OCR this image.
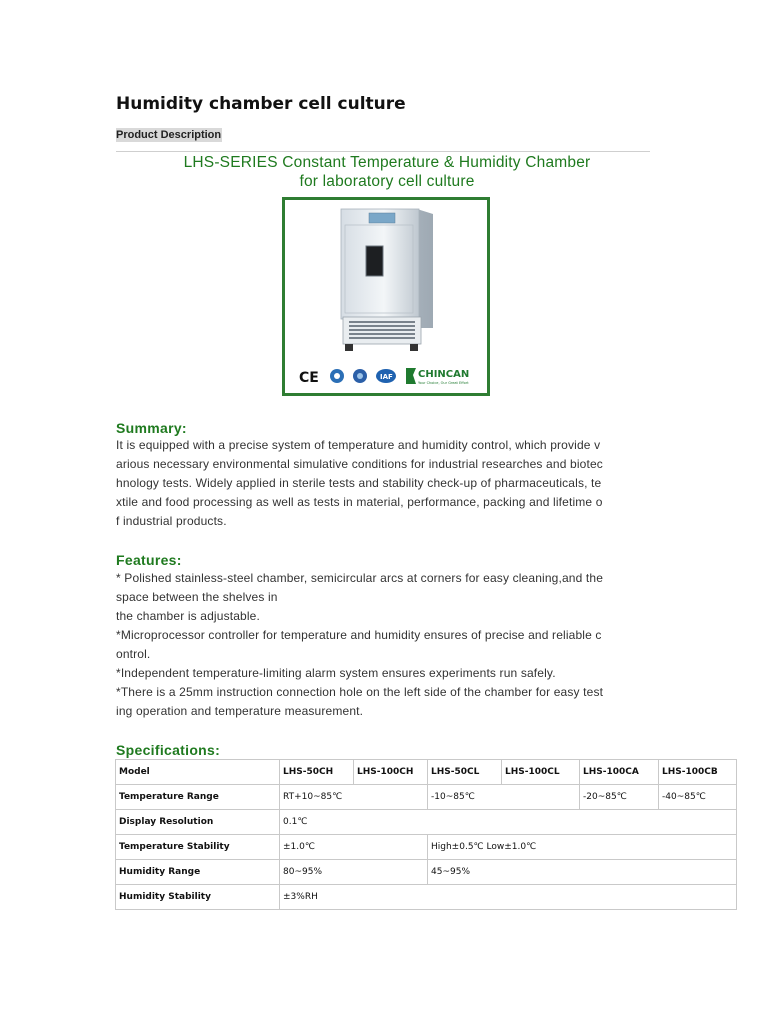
Humidity chamber cell culture
Product Description
LHS-SERIES Constant Temperature & Humidity Chamber
for laboratory cell culture
CE	IAF	CHINCAN
Your Choice, Our Great Effort
Summary:
It is equipped with a precise system of temperature and humidity control, which provide v
arious necessary environmental simulative conditions for industrial researches and biotec
hnology tests. Widely applied in sterile tests and stability check-up of pharmaceuticals, te
xtile and food processing as well as tests in material, performance, packing and lifetime o
f industrial products.
Features:
* Polished stainless-steel chamber, semicircular arcs at corners for easy cleaning,and the
space between the shelves in
the chamber is adjustable.
*Microprocessor controller for temperature and humidity ensures of precise and reliable c
ontrol.
*Independent temperature-limiting alarm system ensures experiments run safely.
*There is a 25mm instruction connection hole on the left side of the chamber for easy test
ing operation and temperature measurement.
Specifications:
Model	LHS-50CH	LHS-100CH	LHS-50CL	LHS-100CL	LHS-100CA	LHS-100CB
Temperature Range	RT+10~85℃		-10~85℃		-20~85℃	-40~85℃
Display Resolution	0.1℃					
Temperature Stability	±1.0℃		High±0.5℃ Low±1.0℃			
Humidity Range	80~95%		45~95%			
Humidity Stability	±3%RH					
